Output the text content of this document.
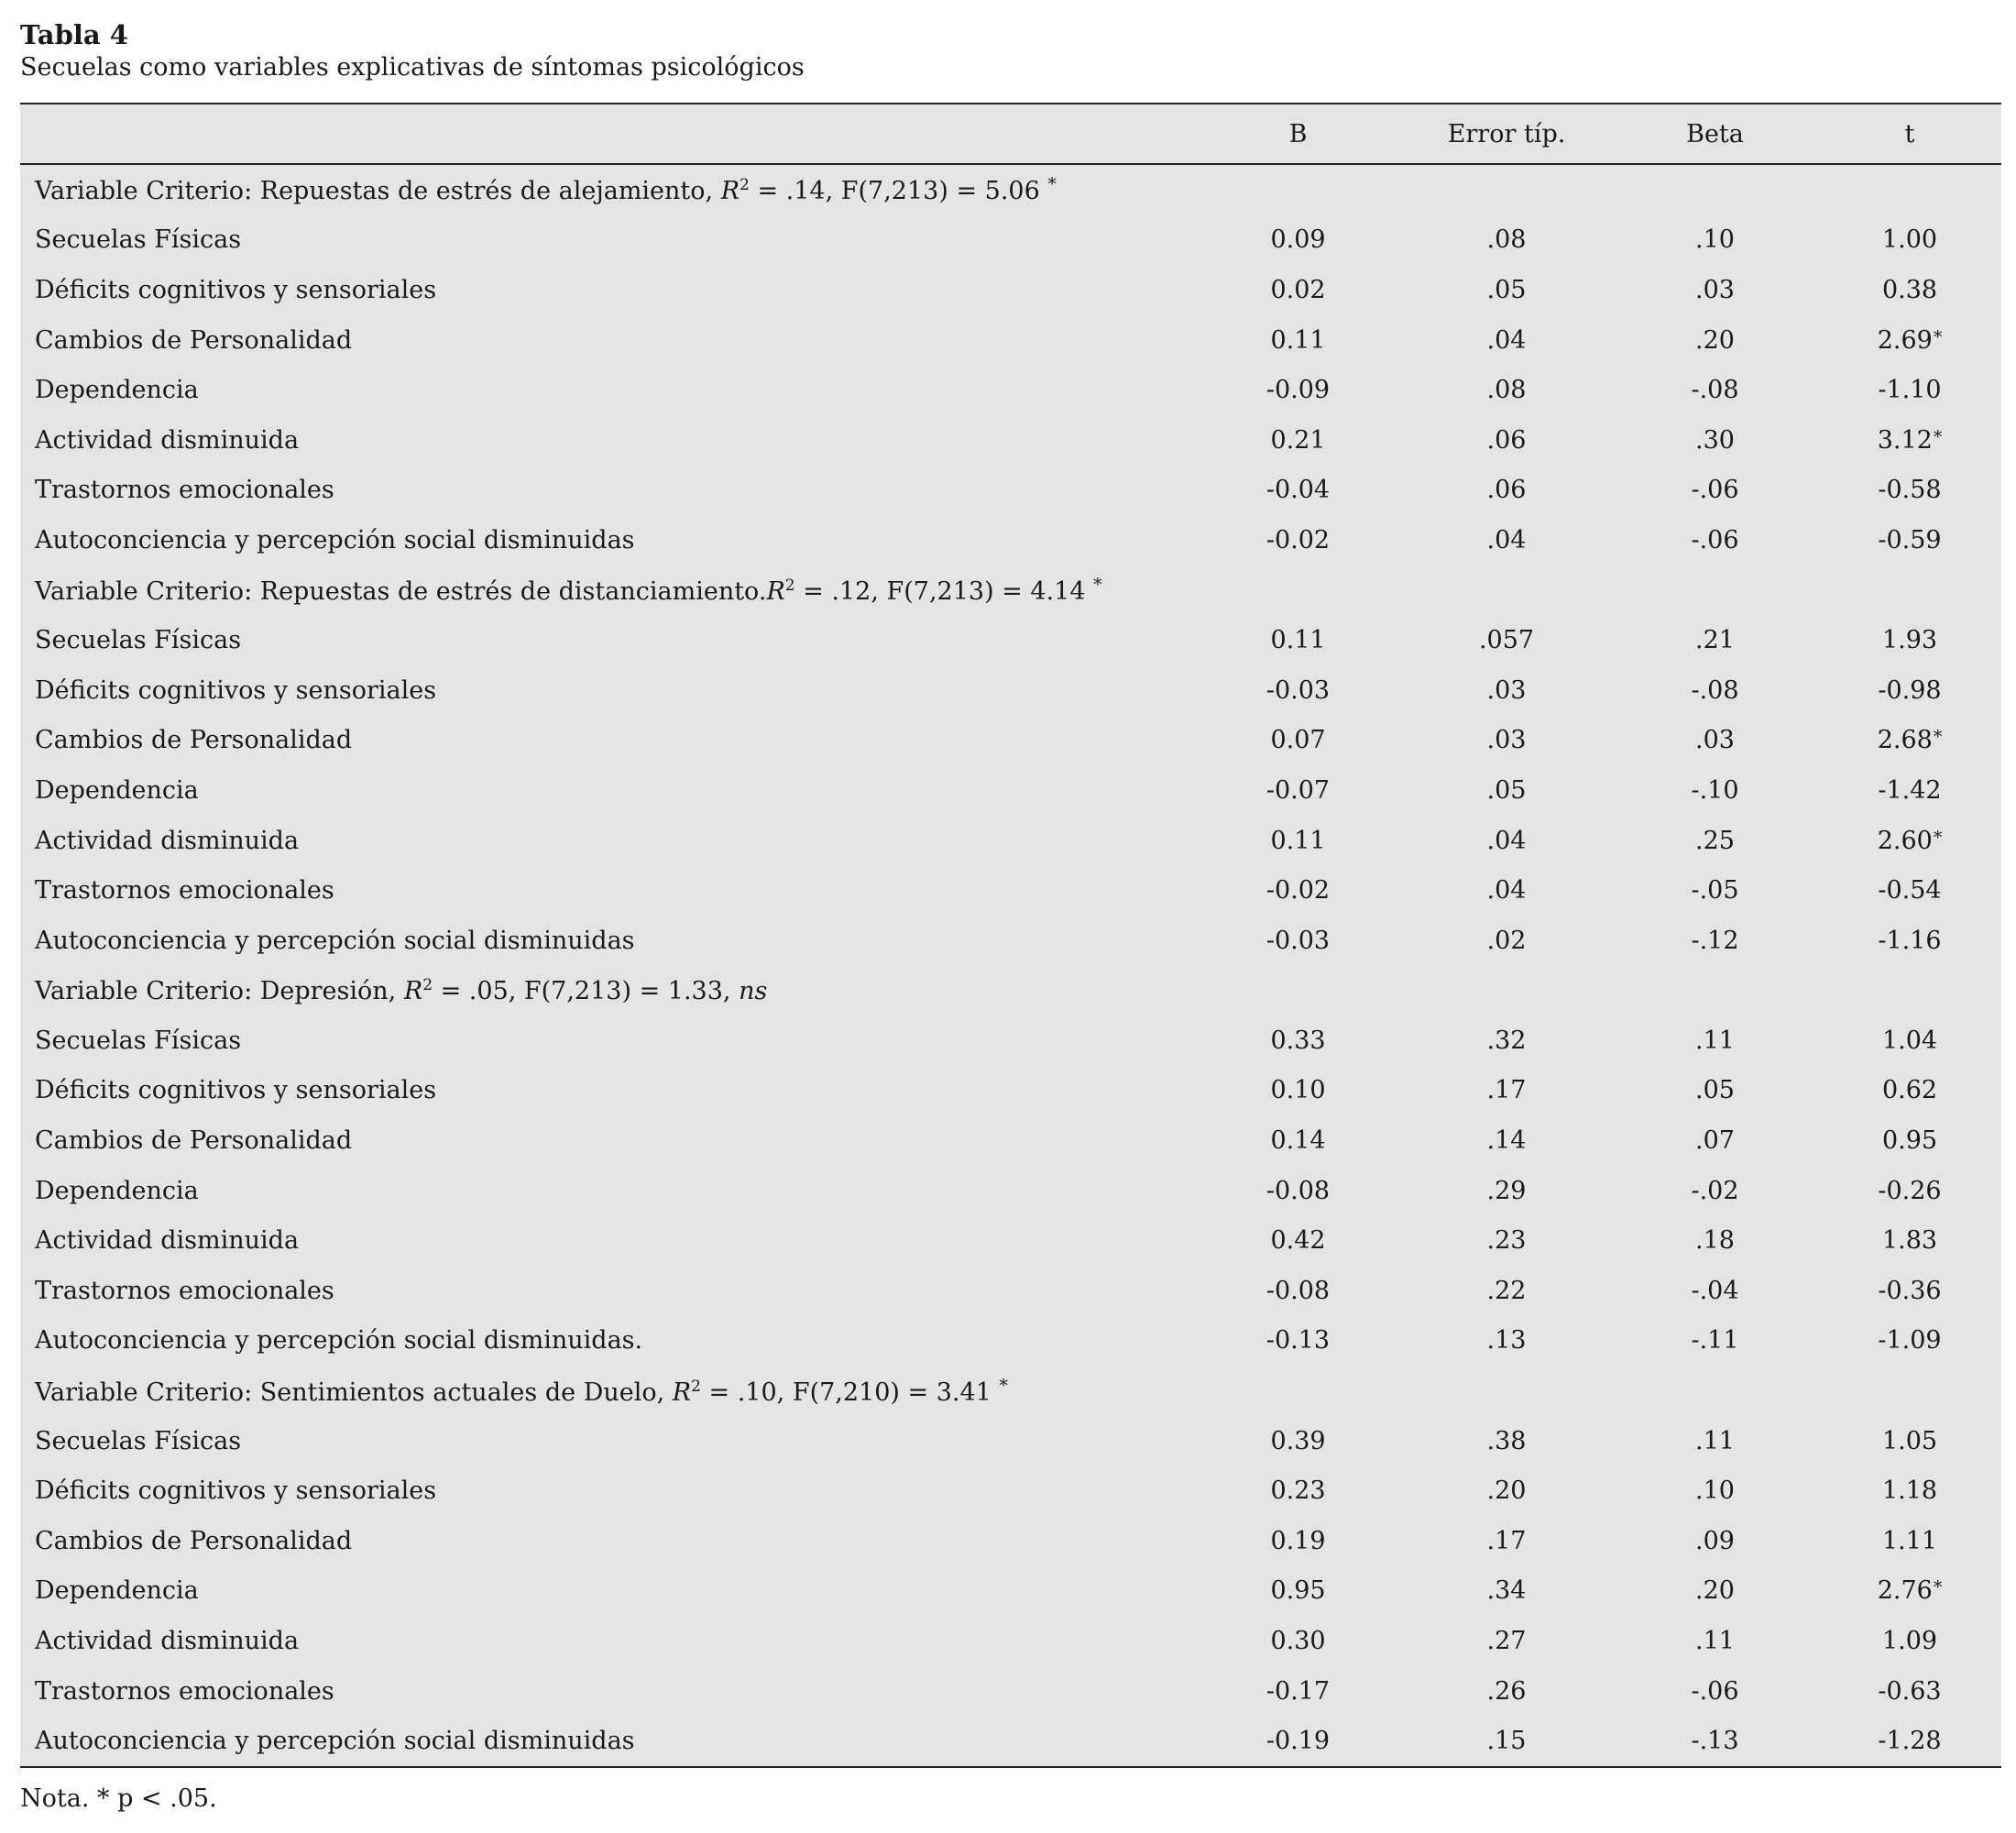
Tabla 4

Secuelas como variables explicativas de síntomas psicológicos

	B	Error típ.	Beta	t
Variable Criterio: Repuestas de estrés de alejamiento, $R^2 = .14$, F(7,213) = 5.06 *
Secuelas Físicas	0.09	.08	.10	1.00
Déficits cognitivos y sensoriales	0.02	.05	.03	0.38
Cambios de Personalidad	0.11	.04	.20	2.69*
Dependencia	-0.09	.08	-.08	-1.10
Actividad disminuida	0.21	.06	.30	3.12*
Trastornos emocionales	-0.04	.06	-.06	-0.58
Autoconciencia y percepción social disminuidas	-0.02	.04	-.06	-0.59
Variable Criterio: Repuestas de estrés de $distanciamiento.R^2 = .12$, F(7,213) = 4.14 *
Secuelas Físicas	0.11	.057	.21	1.93
Déficits cognitivos y sensoriales	-0.03	.03	-.08	-0.98
Cambios de Personalidad	0.07	.03	.03	2.68*
Dependencia	-0.07	.05	-.10	-1.42
Actividad disminuida	0.11	.04	.25	2.60*
Trastornos emocionales	-0.02	.04	-.05	-0.54
Autoconciencia y percepción social disminuidas	-0.03	.02	-.12	-1.16
Variable Criterio: Depresión, $R^2 = .05$, F(7,213) = 1.33, ns				
Secuelas Físicas	0.33	.32	.11	1.04
Déficits cognitivos y sensoriales	0.10	.17	.05	0.62
Cambios de Personalidad	0.14	.14	.07	0.95
Dependencia	-0.08	.29	-.02	-0.26
Actividad disminuida	0.42	.23	.18	1.83
Trastornos emocionales	-0.08	.22	-.04	-0.36
Autoconciencia y percepción social disminuidas.	-0.13	.13	-.11	-1.09
Variable Criterio: Sentimientos actuales de Duelo, $R^2 = .10$, F(7,210) = 3.41 *
Secuelas Físicas	0.39	.38	.11	1.05
Déficits cognitivos y sensoriales	0.23	.20	.10	1.18
Cambios de Personalidad	0.19	.17	.09	1.11
Dependencia	0.95	.34	.20	2.76*
Actividad disminuida	0.30	.27	.11	1.09
Trastornos emocionales	-0.17	.26	-.06	-0.63
Autoconciencia y percepción social disminuidas	-0.19	.15	-.13	-1.28
Nota. * p < .05.
